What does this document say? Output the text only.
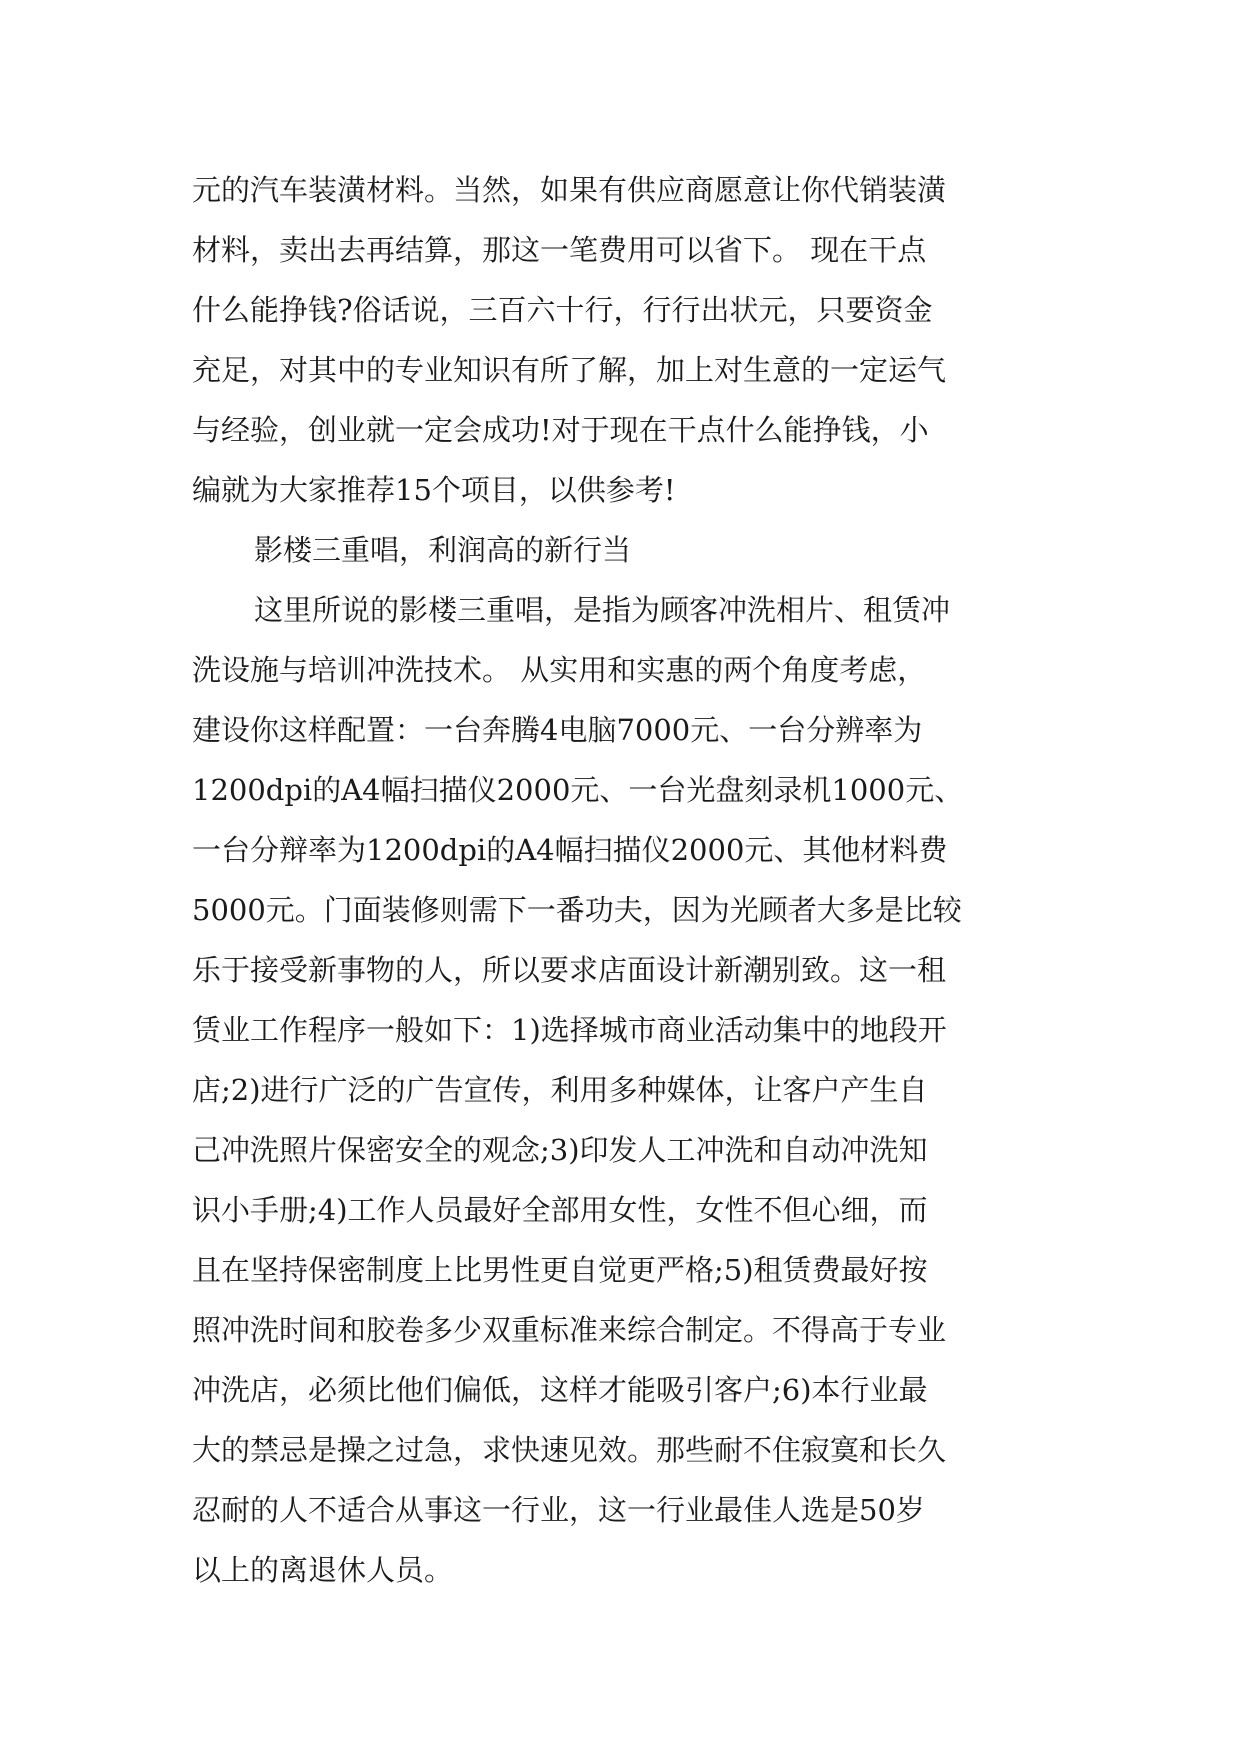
元的汽车装潢材料。当然，如果有供应商愿意让你代销装潢
材料，卖出去再结算，那这一笔费用可以省下。 现在干点
什么能挣钱?俗话说，三百六十行，行行出状元，只要资金
充足，对其中的专业知识有所了解，加上对生意的一定运气
与经验，创业就一定会成功!对于现在干点什么能挣钱，小
编就为大家推荐15个项目，以供参考!
影楼三重唱，利润高的新行当
这里所说的影楼三重唱，是指为顾客冲洗相片、租赁冲
洗设施与培训冲洗技术。 从实用和实惠的两个角度考虑，
建设你这样配置：一台奔腾4电脑7000元、一台分辨率为
1200dpi的A4幅扫描仪2000元、一台光盘刻录机1000元、
一台分辩率为1200dpi的A4幅扫描仪2000元、其他材料费
5000元。门面装修则需下一番功夫，因为光顾者大多是比较
乐于接受新事物的人，所以要求店面设计新潮别致。这一租
赁业工作程序一般如下：1)选择城市商业活动集中的地段开
店;2)进行广泛的广告宣传，利用多种媒体，让客户产生自
己冲洗照片保密安全的观念;3)印发人工冲洗和自动冲洗知
识小手册;4)工作人员最好全部用女性，女性不但心细，而
且在坚持保密制度上比男性更自觉更严格;5)租赁费最好按
照冲洗时间和胶卷多少双重标准来综合制定。不得高于专业
冲洗店，必须比他们偏低，这样才能吸引客户;6)本行业最
大的禁忌是操之过急，求快速见效。那些耐不住寂寞和长久
忍耐的人不适合从事这一行业，这一行业最佳人选是50岁
以上的离退休人员。
